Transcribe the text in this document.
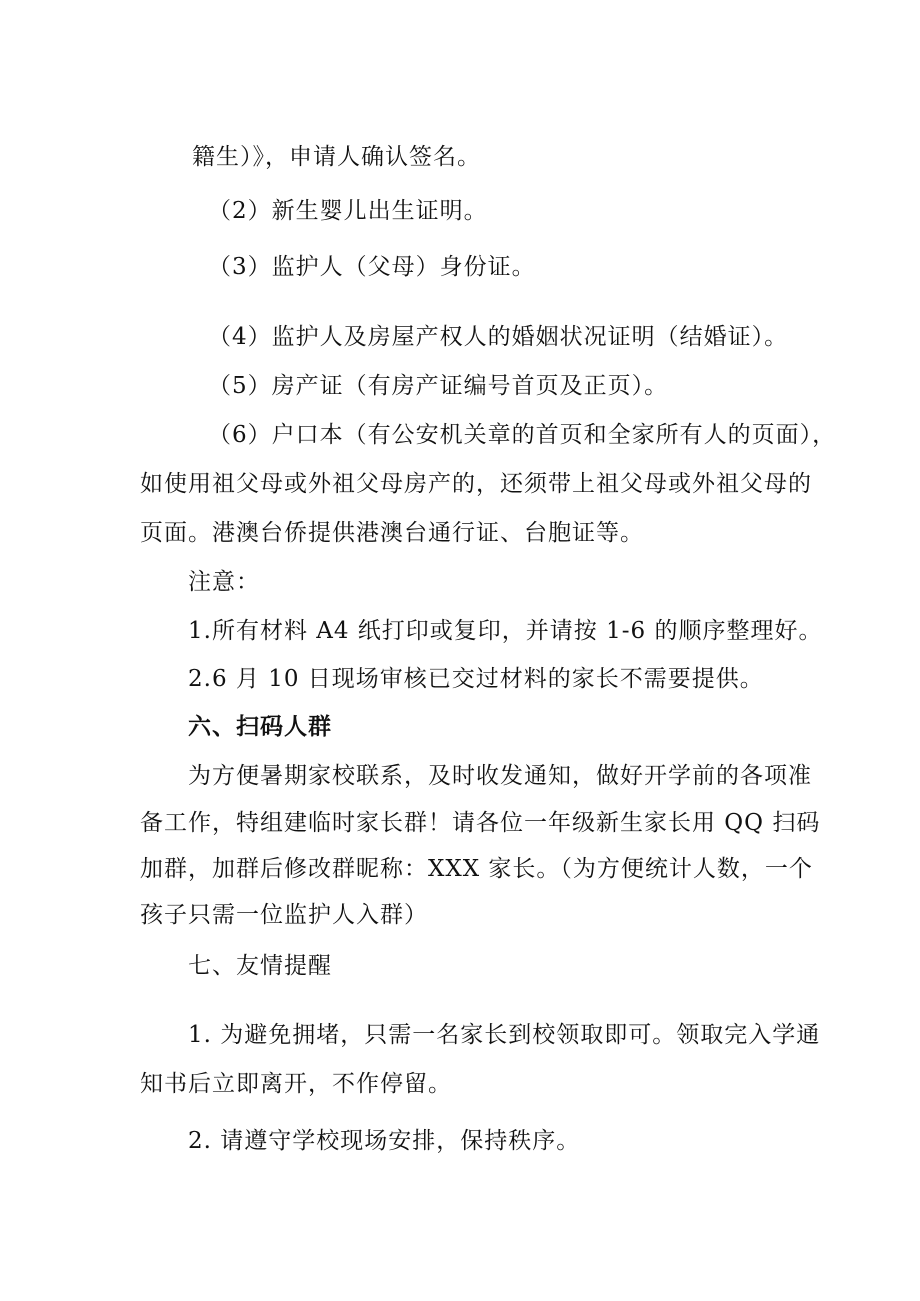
籍生）》，申请人确认签名。
（2）新生婴儿出生证明。
（3）监护人（父母）身份证。
（4）监护人及房屋产权人的婚姻状况证明（结婚证）。
（5）房产证（有房产证编号首页及正页）。
（6）户口本（有公安机关章的首页和全家所有人的页面），
如使用祖父母或外祖父母房产的，还须带上祖父母或外祖父母的
页面。港澳台侨提供港澳台通行证、台胞证等。
注意：
1.所有材料 A4 纸打印或复印，并请按 1-6 的顺序整理好。
2.6 月 10 日现场审核已交过材料的家长不需要提供。
六、扫码人群
为方便暑期家校联系，及时收发通知，做好开学前的各项准
备工作，特组建临时家长群！请各位一年级新生家长用 QQ 扫码
加群，加群后修改群昵称：XXX 家长。（为方便统计人数，一个
孩子只需一位监护人入群）
七、友情提醒
1. 为避免拥堵，只需一名家长到校领取即可。领取完入学通
知书后立即离开，不作停留。
2. 请遵守学校现场安排，保持秩序。
